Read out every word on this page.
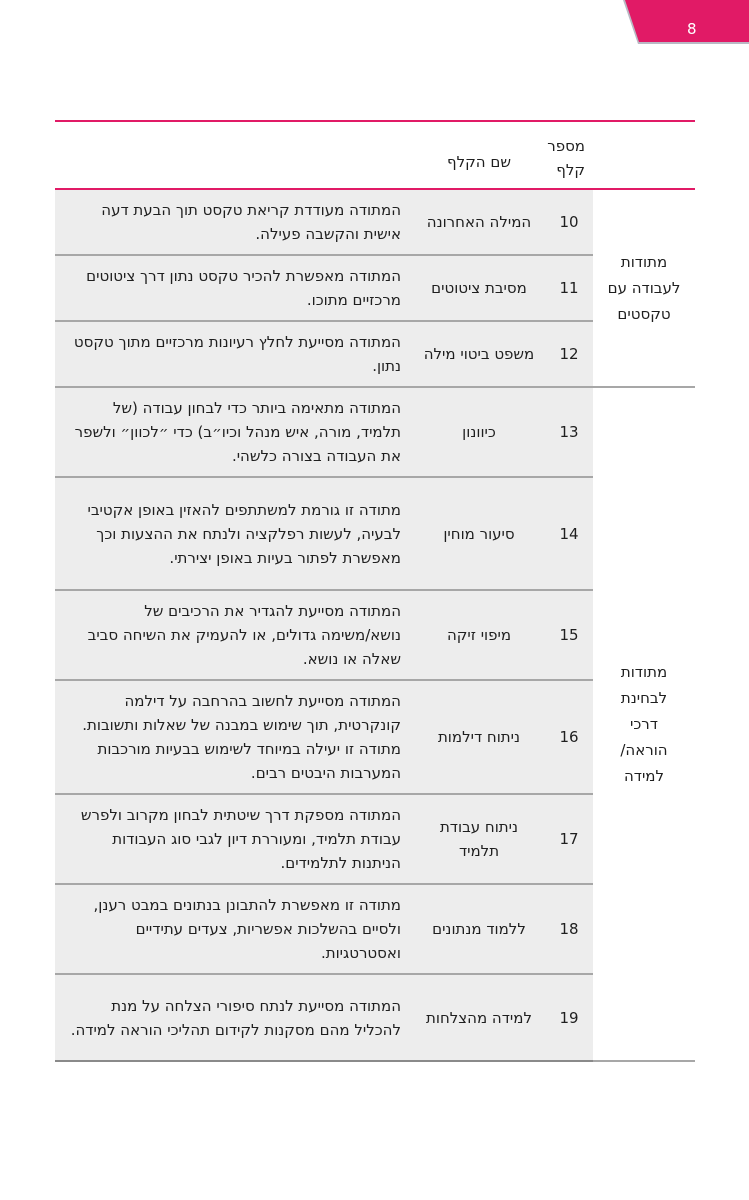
8
	מספר קלף	שם הקלף	
מתודות לעבודה עם טקסטים	10	המילה האחרונה	המתודה מעודדת קריאת טקסט תוך הבעת דעה אישית והקשבה פעילה.
	11	מסיבת ציטוטים	המתודה מאפשרת להכיר טקסט נתון דרך ציטוטים מרכזיים מתוכו.
	12	משפט ביטוי מילה	המתודה מסייעת לחלץ רעיונות מרכזיים מתוך טקסט נתון.
מתודות לבחינת דרכי הוראה/ למידה	13	כיוונון	המתודה מתאימה ביותר כדי לבחון עבודה (של תלמיד, מורה, איש מנהל וכיו״ב) כדי ״לכוון״ ולשפר את העבודה בצורה כלשהי.
	14	סיעור מוחין	מתודה זו גורמת למשתתפים להאזין באופן אקטיבי לבעיה, לעשות רפלקציה ולנתח את ההצעות וכך מאפשרת לפתור בעיות באופן יצירתי.
	15	מיפוי זיקה	המתודה מסייעת להגדיר את הרכיבים של נושא/משימה גדולים, או להעמיק את השיחה סביב שאלה או נושא.
	16	ניתוח דילמות	המתודה מסייעת לחשוב בהרחבה על דילמה קונקרטית, תוך שימוש במבנה של שאלות ותשובות. מתודה זו יעילה במיוחד לשימוש בבעיות מורכבות המערבות היבטים רבים.
	17	ניתוח עבודת תלמיד	המתודה מספקת דרך שיטתית לבחון מקרוב ולפרש עבודת תלמיד, ומעוררת דיון לגבי סוג העבודות הניתנות לתלמידים.
	18	ללמוד מנתונים	מתודה זו מאפשרת להתבונן בנתונים במבט רענן, ולסיים בהשלכות אפשריות, צעדים עתידיים ואסטרטגיות.
	19	למידה מהצלחות	המתודה מסייעת לנתח סיפורי הצלחה על מנת להכליל מהם מסקנות לקידום תהליכי הוראה למידה.
